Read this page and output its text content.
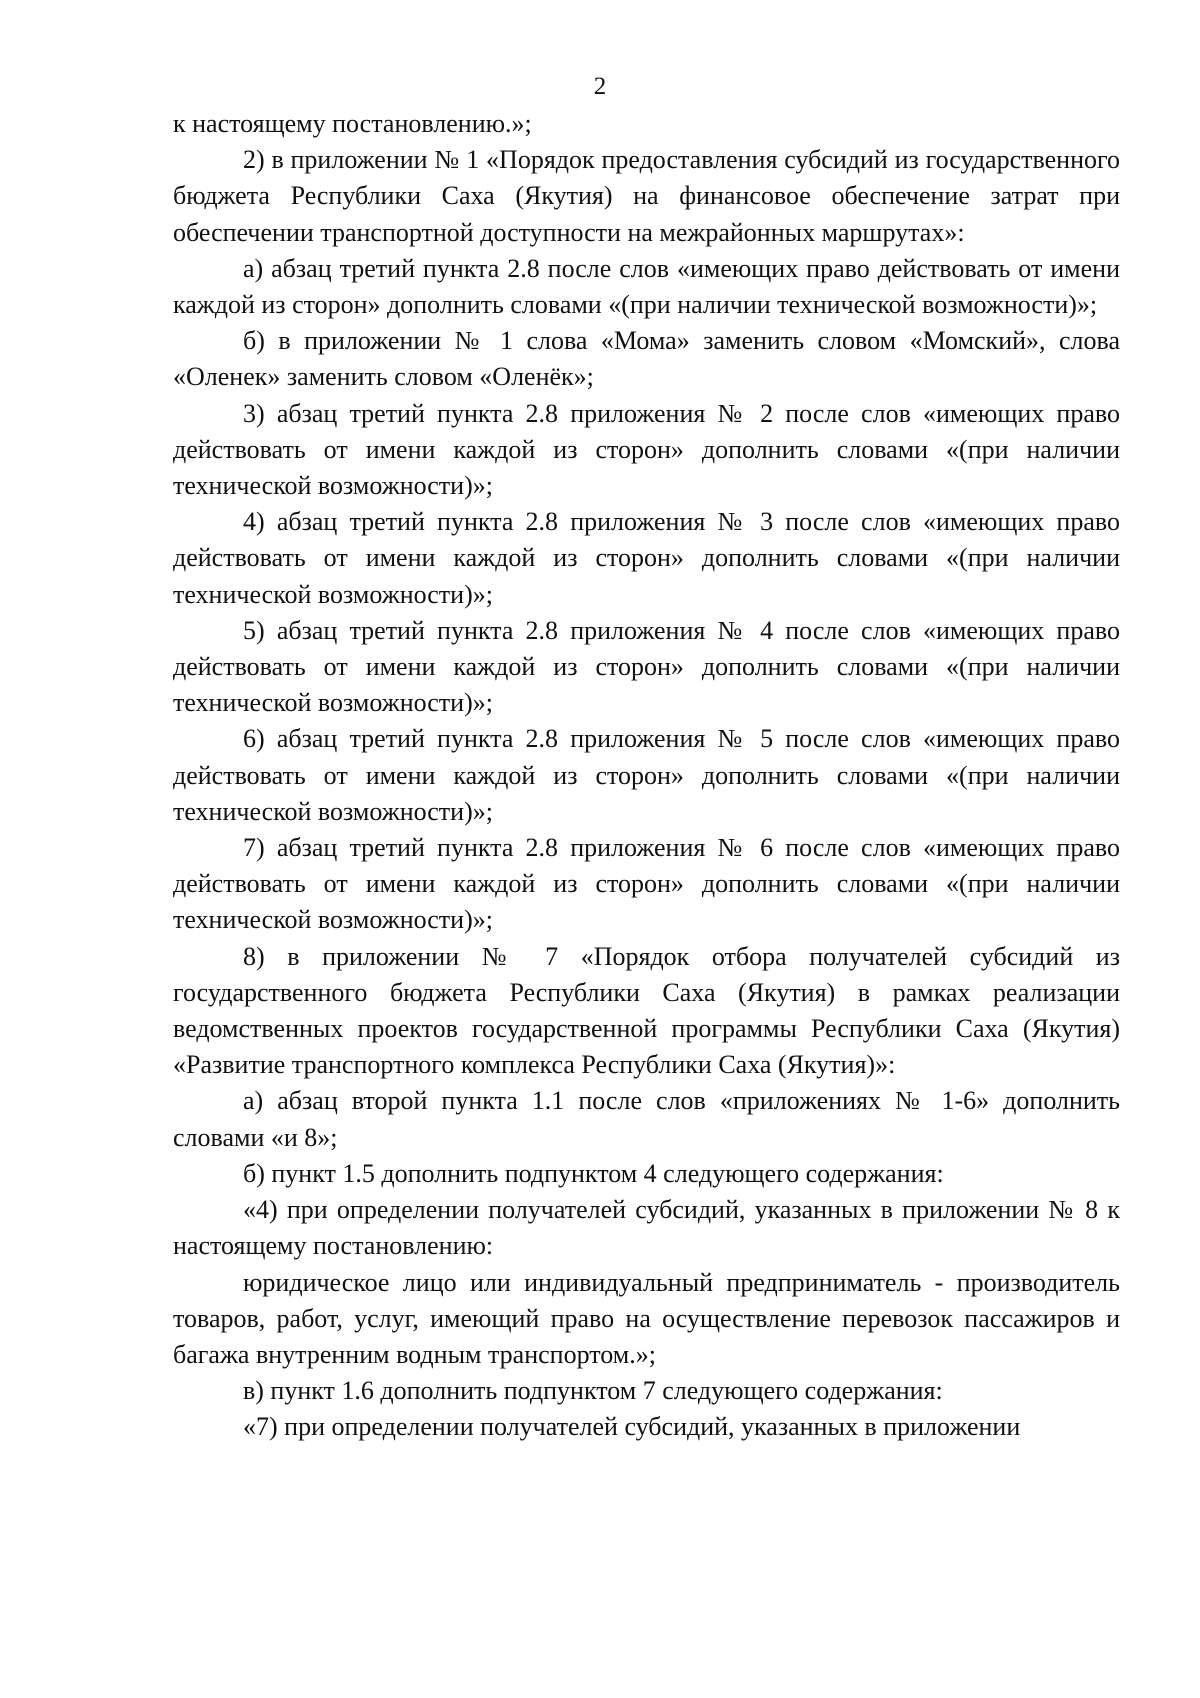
2

к настоящему постановлению.»;

2) в приложении № 1 «Порядок предоставления субсидий из государственного бюджета Республики Саха (Якутия) на финансовое обеспечение затрат при обеспечении транспортной доступности на межрайонных маршрутах»:

а) абзац третий пункта 2.8 после слов «имеющих право действовать от имени каждой из сторон» дополнить словами «(при наличии технической возможности)»;

б) в приложении № 1 слова «Мома» заменить словом «Момский», слова «Оленек» заменить словом «Оленёк»;

3) абзац третий пункта 2.8 приложения № 2 после слов «имеющих право действовать от имени каждой из сторон» дополнить словами «(при наличии технической возможности)»;

4) абзац третий пункта 2.8 приложения № 3 после слов «имеющих право действовать от имени каждой из сторон» дополнить словами «(при наличии технической возможности)»;

5) абзац третий пункта 2.8 приложения № 4 после слов «имеющих право действовать от имени каждой из сторон» дополнить словами «(при наличии технической возможности)»;

6) абзац третий пункта 2.8 приложения № 5 после слов «имеющих право действовать от имени каждой из сторон» дополнить словами «(при наличии технической возможности)»;

7) абзац третий пункта 2.8 приложения № 6 после слов «имеющих право действовать от имени каждой из сторон» дополнить словами «(при наличии технической возможности)»;

8) в приложении № 7 «Порядок отбора получателей субсидий из государственного бюджета Республики Саха (Якутия) в рамках реализации ведомственных проектов государственной программы Республики Саха (Якутия) «Развитие транспортного комплекса Республики Саха (Якутия)»:

а) абзац второй пункта 1.1 после слов «приложениях № 1-6» дополнить словами «и 8»;

б) пункт 1.5 дополнить подпунктом 4 следующего содержания:

«4) при определении получателей субсидий, указанных в приложении № 8 к настоящему постановлению:

юридическое лицо или индивидуальный предприниматель - производитель товаров, работ, услуг, имеющий право на осуществление перевозок пассажиров и багажа внутренним водным транспортом.»;

в) пункт 1.6 дополнить подпунктом 7 следующего содержания:

«7) при определении получателей субсидий, указанных в приложении
